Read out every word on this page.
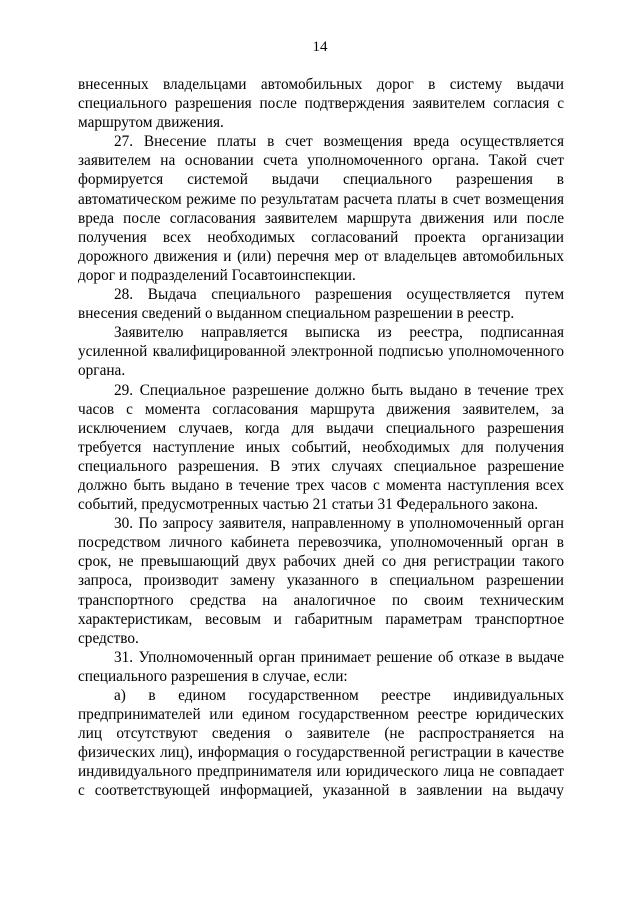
14

внесенных владельцами автомобильных дорог в систему выдачи специального разрешения после подтверждения заявителем согласия с маршрутом движения.

27. Внесение платы в счет возмещения вреда осуществляется заявителем на основании счета уполномоченного органа. Такой счет формируется системой выдачи специального разрешения в автоматическом режиме по результатам расчета платы в счет возмещения вреда после согласования заявителем маршрута движения или после получения всех необходимых согласований проекта организации дорожного движения и (или) перечня мер от владельцев автомобильных дорог и подразделений Госавтоинспекции.

28. Выдача специального разрешения осуществляется путем внесения сведений о выданном специальном разрешении в реестр.

Заявителю направляется выписка из реестра, подписанная усиленной квалифицированной электронной подписью уполномоченного органа.

29. Специальное разрешение должно быть выдано в течение трех часов с момента согласования маршрута движения заявителем, за исключением случаев, когда для выдачи специального разрешения требуется наступление иных событий, необходимых для получения специального разрешения. В этих случаях специальное разрешение должно быть выдано в течение трех часов с момента наступления всех событий, предусмотренных частью 21 статьи 31 Федерального закона.

30. По запросу заявителя, направленному в уполномоченный орган посредством личного кабинета перевозчика, уполномоченный орган в срок, не превышающий двух рабочих дней со дня регистрации такого запроса, производит замену указанного в специальном разрешении транспортного средства на аналогичное по своим техническим характеристикам, весовым и габаритным параметрам транспортное средство.

31. Уполномоченный орган принимает решение об отказе в выдаче специального разрешения в случае, если:

а) в едином государственном реестре индивидуальных предпринимателей или едином государственном реестре юридических лиц отсутствуют сведения о заявителе (не распространяется на физических лиц), информация о государственной регистрации в качестве индивидуального предпринимателя или юридического лица не совпадает с соответствующей информацией, указанной в заявлении на выдачу
